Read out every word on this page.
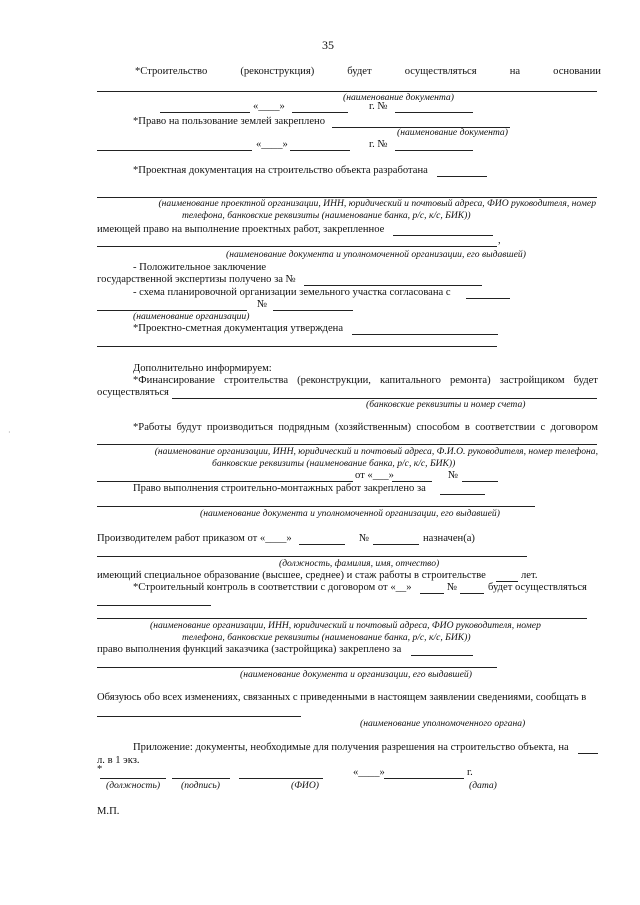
·
35
*Строительство	(реконструкция)	будет	осуществляться	на	основании
(наименование документа)
«____»	г. №
*Право на пользование землей закреплено
(наименование документа)
«____»	г. №
*Проектная документация на строительство объекта разработана
(наименование проектной организации, ИНН, юридический и почтовый адреса, ФИО руководителя, номер
телефона, банковские реквизиты (наименование банка, р/с, к/с, БИК))
имеющей право на выполнение проектных работ, закрепленное
,
(наименование документа и уполномоченной организации, его выдавшей)
- Положительное заключение
государственной экспертизы получено за №
- схема планировочной организации земельного участка согласована с
№
(наименование организации)
*Проектно-сметная документация утверждена
Дополнительно информируем:
*Финансирование строительства (реконструкции, капитального ремонта) застройщиком будет
осуществляться
(банковские реквизиты и номер счета)
*Работы будут производиться подрядным (хозяйственным) способом в соответствии с договором
(наименование организации, ИНН, юридический и почтовый адреса, Ф.И.О. руководителя, номер телефона,
банковские реквизиты (наименование банка, р/с, к/с, БИК))
от «___»	№
Право выполнения строительно-монтажных работ закреплено за
(наименование документа и уполномоченной организации, его выдавшей)
Производителем работ приказом от «____»	№	назначен(а)
(должность, фамилия, имя, отчество)
имеющий специальное образование (высшее, среднее) и стаж работы в строительстве	лет.
*Строительный контроль в соответствии с договором от «__»	№	будет осуществляться
(наименование организации, ИНН, юридический и почтовый адреса, ФИО руководителя, номер
телефона, банковские реквизиты (наименование банка, р/с, к/с, БИК))
право выполнения функций заказчика (застройщика) закреплено за
(наименование документа и организации, его выдавшей)
Обязуюсь обо всех изменениях, связанных с приведенными в настоящем заявлении сведениями, сообщать в
(наименование уполномоченного органа)
Приложение: документы, необходимые для получения разрешения на строительство объекта, на
л. в 1 экз.
*	«____»	г.
(должность) (подпись)	(ФИО)	(дата)
М.П.
